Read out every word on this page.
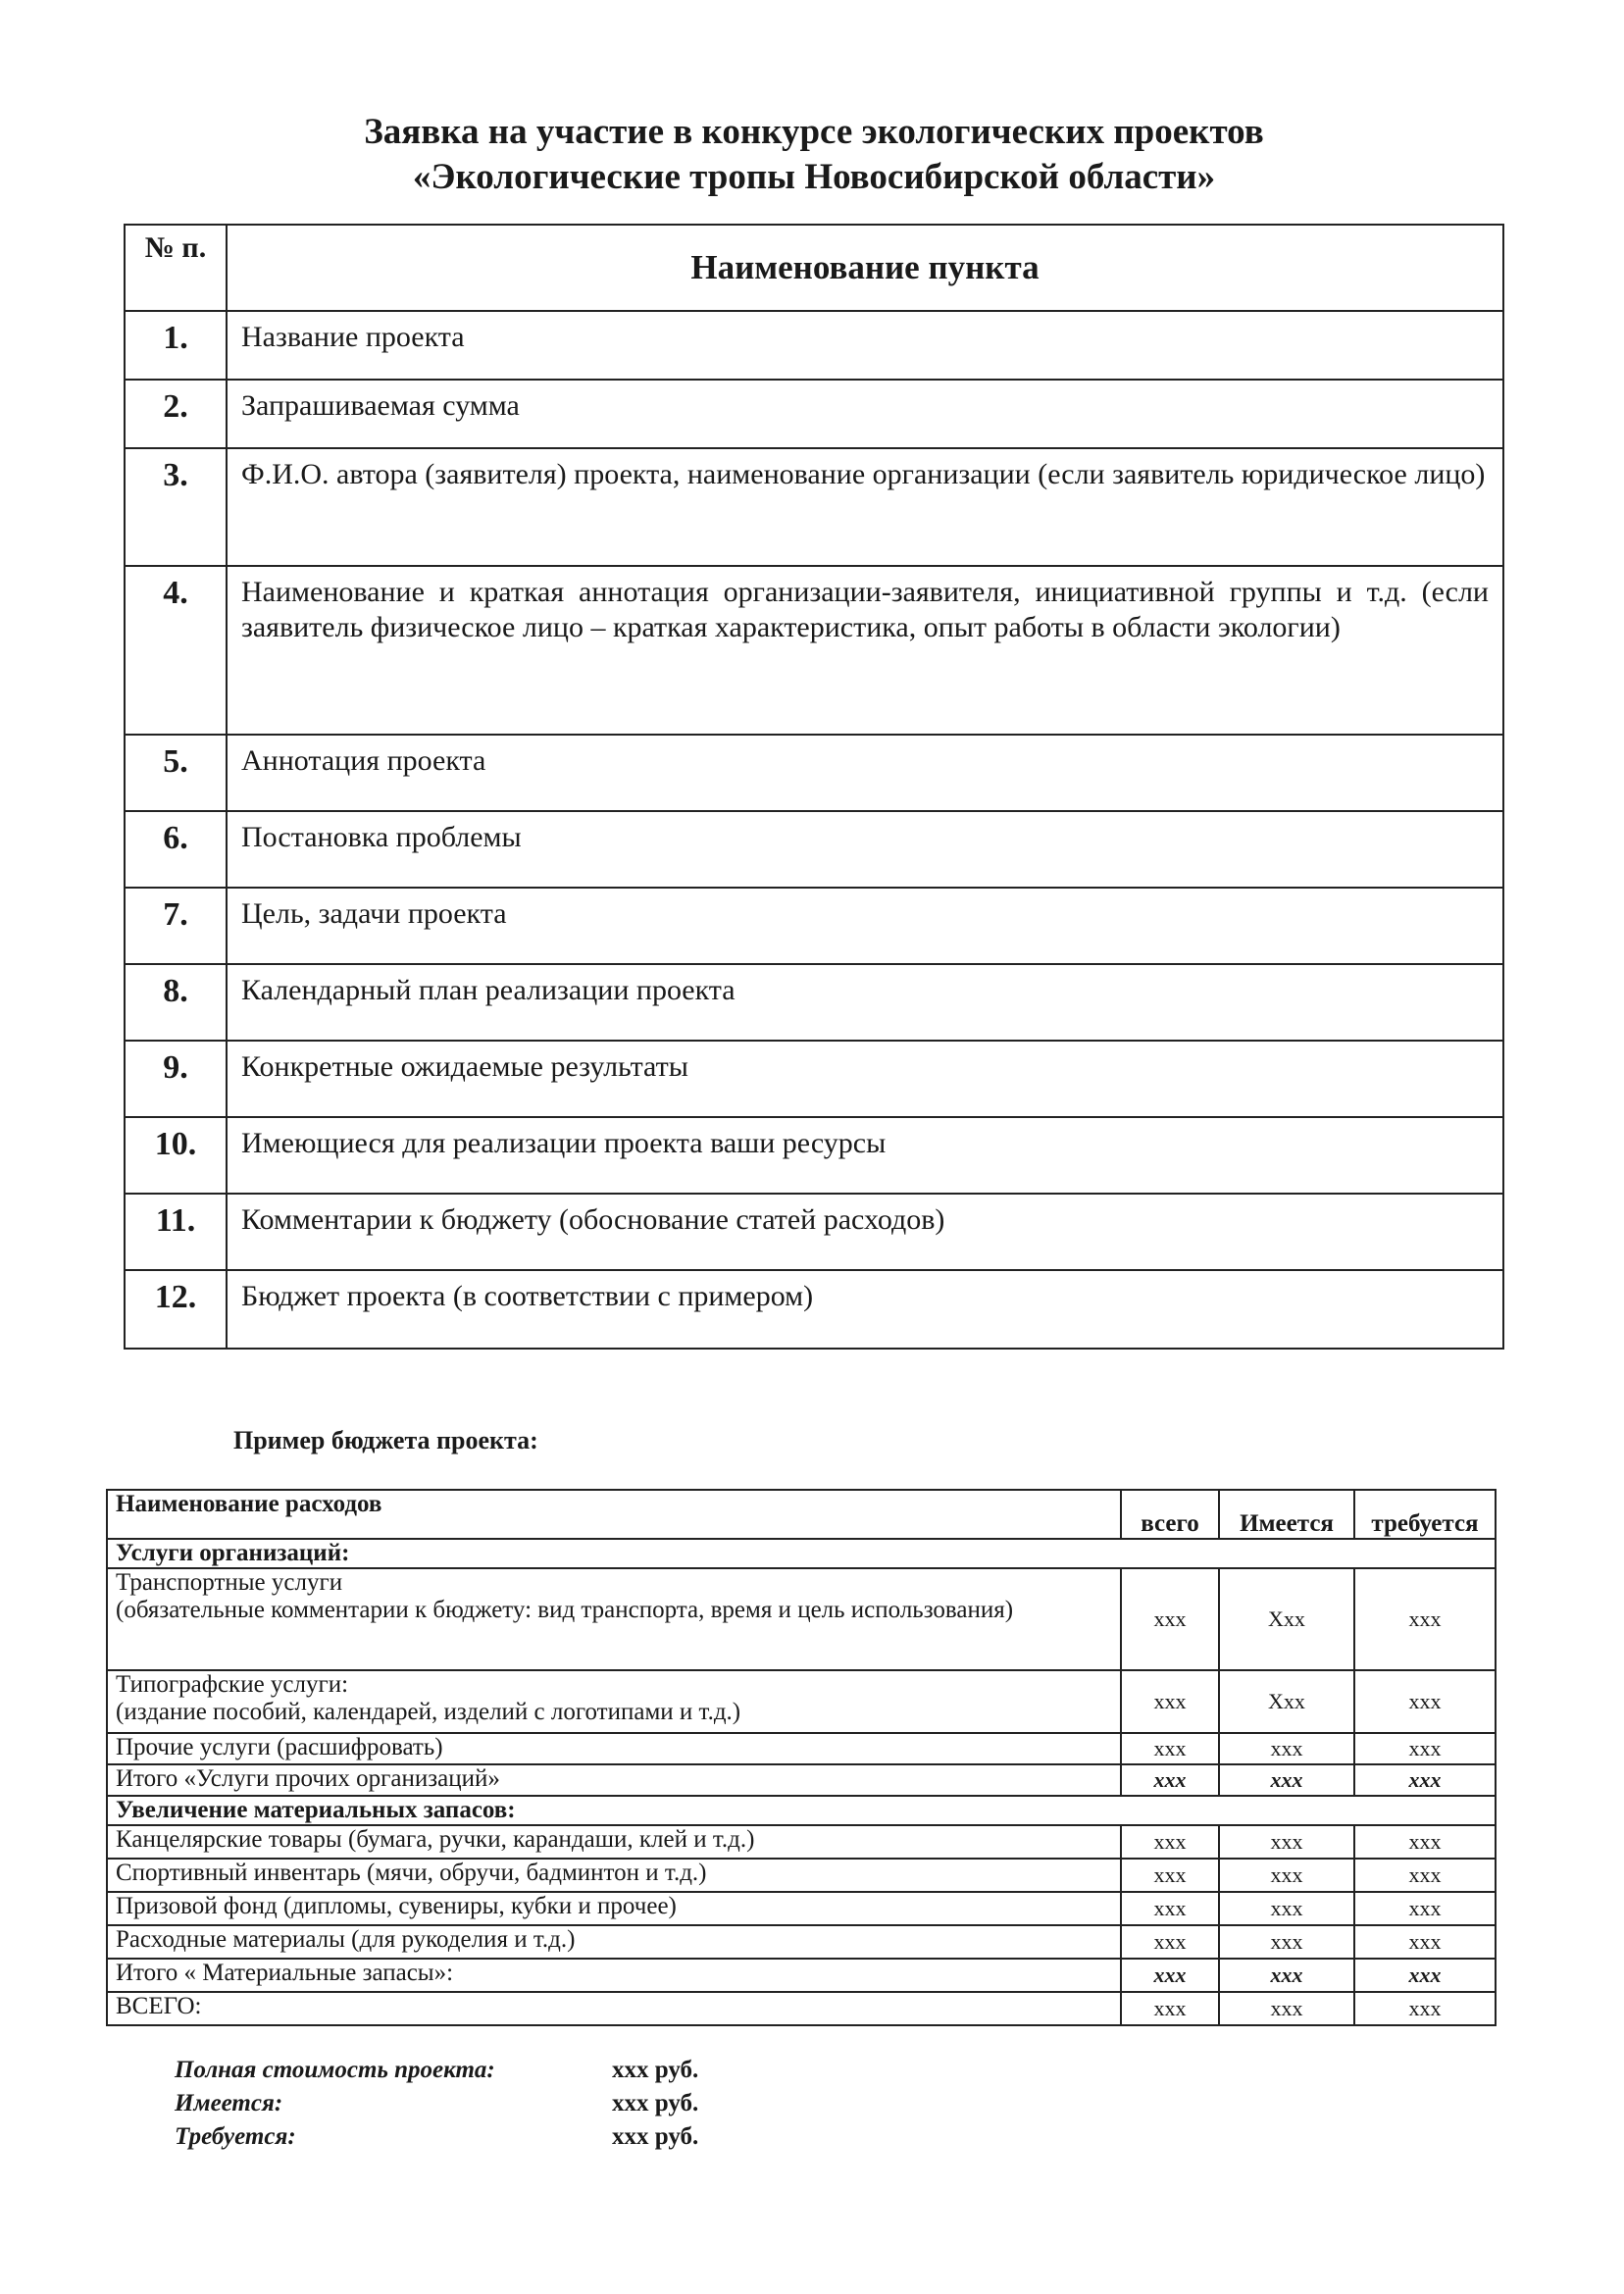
Заявка на участие в конкурсе экологических проектов
«Экологические тропы Новосибирской области»
№ п.	Наименование пункта
1.	Название проекта
2.	Запрашиваемая сумма
3.	Ф.И.О. автора (заявителя) проекта, наименование организации (если заявитель юридическое лицо)
4.	Наименование и краткая аннотация организации-заявителя, инициативной группы и т.д. (если заявитель физическое лицо – краткая характеристика, опыт работы в области экологии)
5.	Аннотация проекта
6.	Постановка проблемы
7.	Цель, задачи проекта
8.	Календарный план реализации проекта
9.	Конкретные ожидаемые результаты
10.	Имеющиеся для реализации проекта ваши ресурсы
11.	Комментарии к бюджету (обоснование статей расходов)
12.	Бюджет проекта (в соответствии с примером)
Пример бюджета проекта:
Наименование расходов	всего	Имеется	требуется

Услуги организаций:			

Транспортные услуги
(обязательные комментарии к бюджету: вид транспорта, время и цель использования)	xxx	Xxx	xxx

Типографские услуги:
(издание пособий, календарей, изделий с логотипами и т.д.)	xxx	Xxx	xxx
Прочие услуги (расшифровать)	xxx	xxx	xxx
Итого «Услуги прочих организаций»	xxx	xxx	xxx
Увеличение материальных запасов:			
Канцелярские товары (бумага, ручки, карандаши, клей и т.д.)	xxx	xxx	xxx
Спортивный инвентарь (мячи, обручи, бадминтон и т.д.)	xxx	xxx	xxx
Призовой фонд (дипломы, сувениры, кубки и прочее)	xxx	xxx	xxx
Расходные материалы (для рукоделия и т.д.)	xxx	xxx	xxx
Итого « Материальные запасы»:	xxx	xxx	xxx
ВСЕГО:	xxx	xxx	xxx
Полная стоимость проекта:	xxx руб.
Имеется:	xxx руб.
Требуется:	xxx руб.
